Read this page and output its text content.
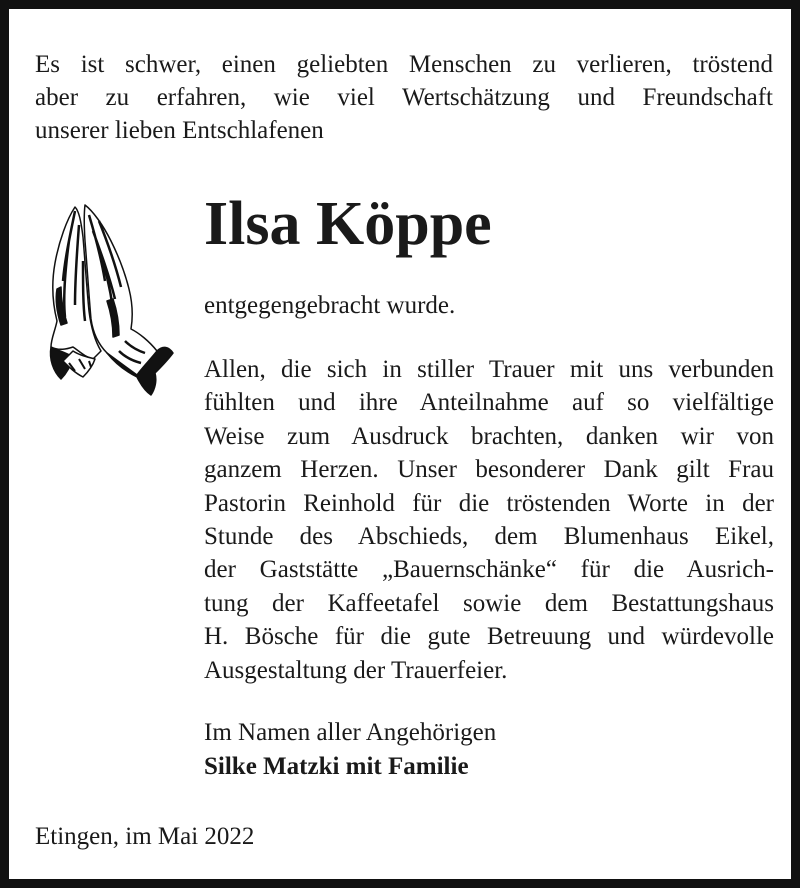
Es ist schwer, einen geliebten Menschen zu verlieren, tröstend
aber zu erfahren, wie viel Wertschätzung und Freundschaft
unserer lieben Entschlafenen

Ilsa Köppe

entgegengebracht wurde.

Allen, die sich in stiller Trauer mit uns verbunden
fühlten und ihre Anteilnahme auf so vielfältige
Weise zum Ausdruck brachten, danken wir von
ganzem Herzen. Unser besonderer Dank gilt Frau
Pastorin Reinhold für die tröstenden Worte in der
Stunde des Abschieds, dem Blumenhaus Eikel,
der Gaststätte „Bauernschänke“ für die Ausrich-
tung der Kaffeetafel sowie dem Bestattungshaus
H. Bösche für die gute Betreuung und würdevolle
Ausgestaltung der Trauerfeier.

Im Namen aller Angehörigen

Silke Matzki mit Familie

Etingen, im Mai 2022
